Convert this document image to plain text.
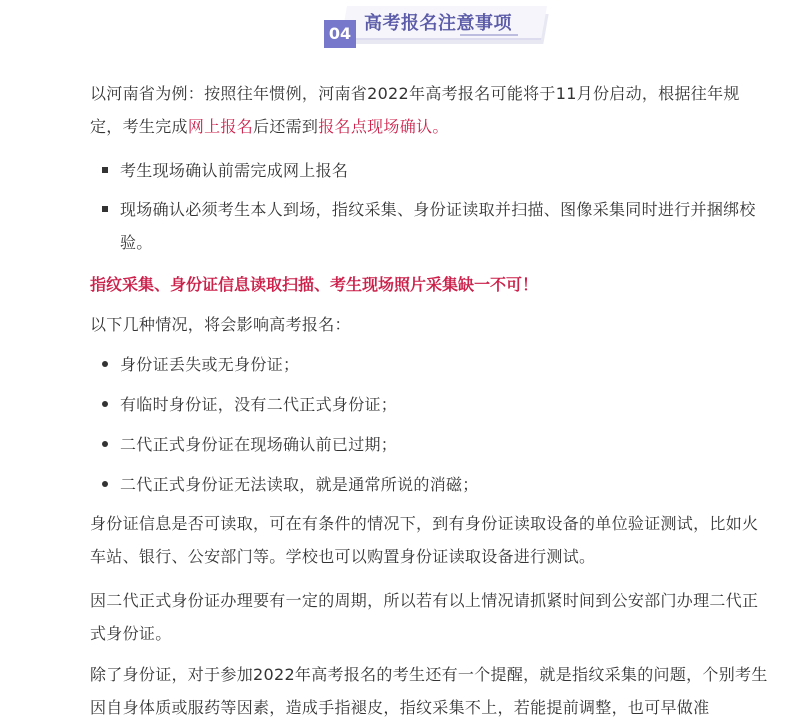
04 高考报名注意事项
以河南省为例：按照往年惯例，河南省2022年高考报名可能将于11月份启动，根据往年规定，考生完成网上报名后还需到报名点现场确认。
考生现场确认前需完成网上报名
现场确认必须考生本人到场，指纹采集、身份证读取并扫描、图像采集同时进行并捆绑校验。
指纹采集、身份证信息读取扫描、考生现场照片采集缺一不可！
以下几种情况，将会影响高考报名：
身份证丢失或无身份证；
有临时身份证，没有二代正式身份证；
二代正式身份证在现场确认前已过期；
二代正式身份证无法读取，就是通常所说的消磁；
身份证信息是否可读取，可在有条件的情况下，到有身份证读取设备的单位验证测试，比如火车站、银行、公安部门等。学校也可以购置身份证读取设备进行测试。
因二代正式身份证办理要有一定的周期，所以若有以上情况请抓紧时间到公安部门办理二代正式身份证。
除了身份证，对于参加2022年高考报名的考生还有一个提醒，就是指纹采集的问题，个别考生因自身体质或服药等因素，造成手指褪皮，指纹采集不上，若能提前调整，也可早做准
